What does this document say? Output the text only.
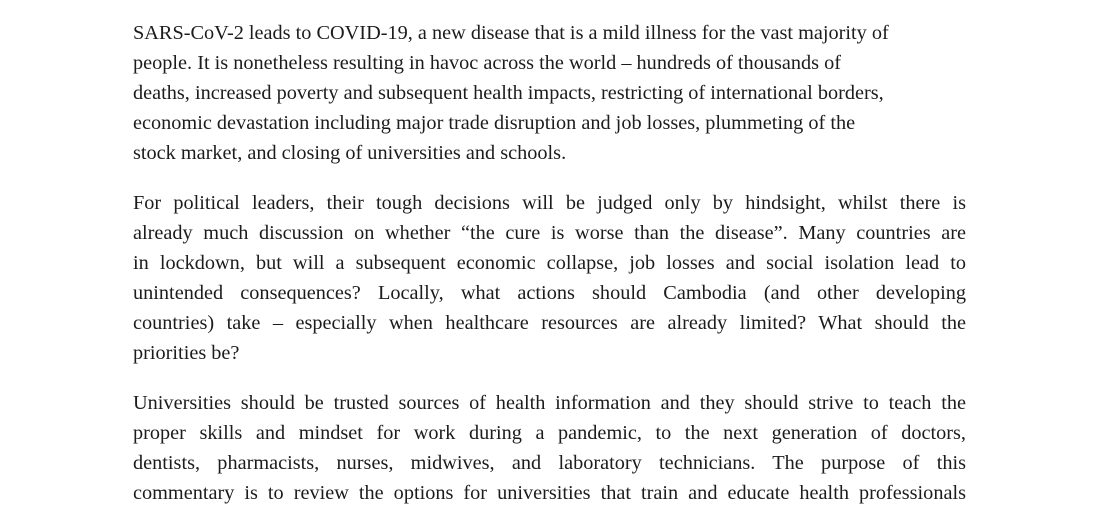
SARS-CoV-2 leads to COVID-19, a new disease that is a mild illness for the vast majority of
people. It is nonetheless resulting in havoc across the world – hundreds of thousands of
deaths, increased poverty and subsequent health impacts, restricting of international borders,
economic devastation including major trade disruption and job losses, plummeting of the
stock market, and closing of universities and schools.

For political leaders, their tough decisions will be judged only by hindsight, whilst there is
already much discussion on whether “the cure is worse than the disease”. Many countries are
in lockdown, but will a subsequent economic collapse, job losses and social isolation lead to
unintended consequences? Locally, what actions should Cambodia (and other developing
countries) take – especially when healthcare resources are already limited? What should the
priorities be?

Universities should be trusted sources of health information and they should strive to teach the
proper skills and mindset for work during a pandemic, to the next generation of doctors,
dentists, pharmacists, nurses, midwives, and laboratory technicians. The purpose of this
commentary is to review the options for universities that train and educate health professionals
